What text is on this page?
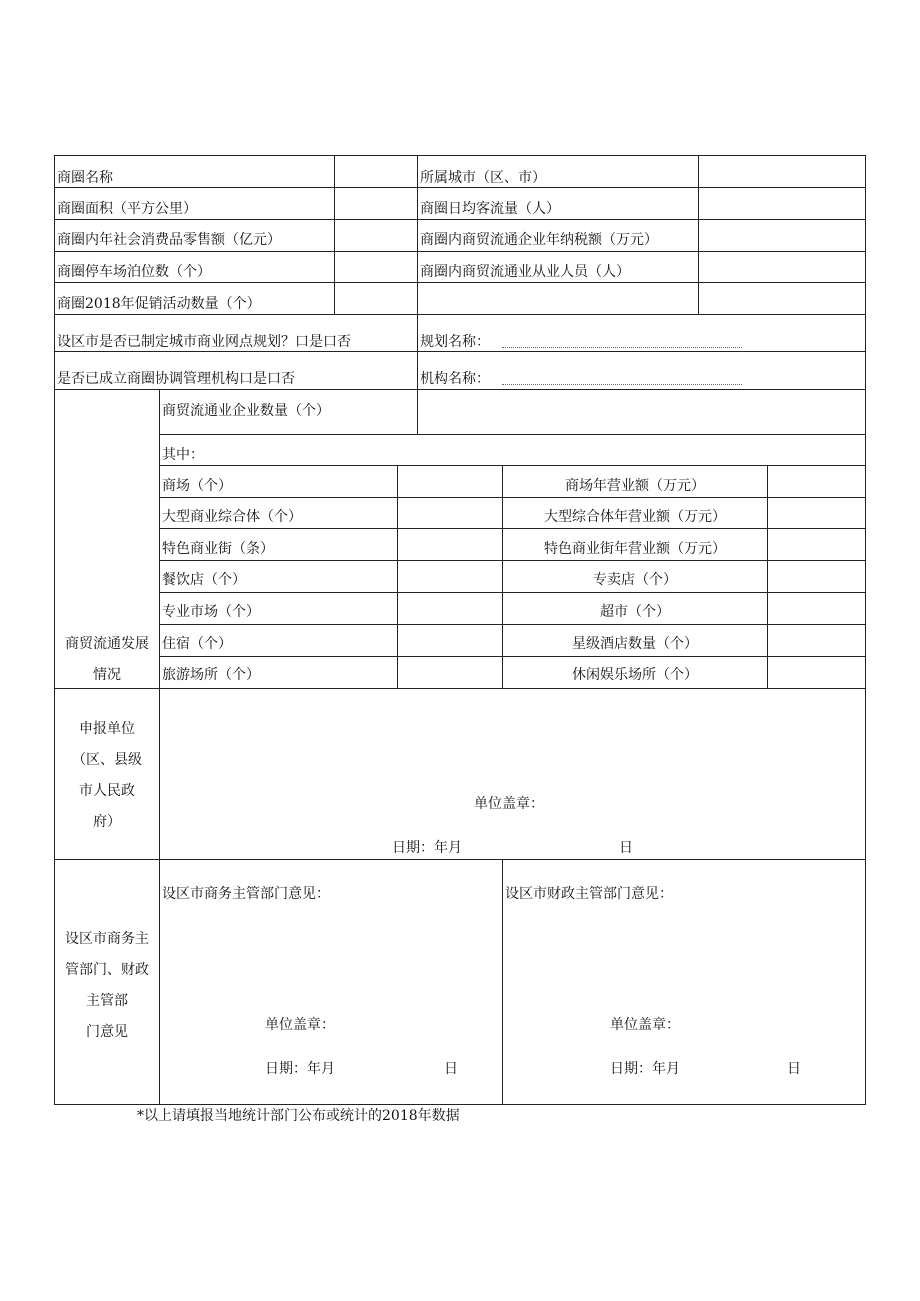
商圈名称	所属城市（区、市）
商圈面积（平方公里）	商圈日均客流量（人）
商圈内年社会消费品零售额（亿元）	商圈内商贸流通企业年纳税额（万元）
商圈停车场泊位数（个）	商圈内商贸流通业从业人员（人）
商圈2018年促销活动数量（个）
设区市是否已制定城市商业网点规划？口是口否	规划名称：
是否已成立商圈协调管理机构口是口否	机构名称：
商贸流通发展
情况
商贸流通业企业数量（个）
其中：
商场（个）	商场年营业额（万元）
大型商业综合体（个）	大型综合体年营业额（万元）
特色商业街（条）	特色商业街年营业额（万元）
餐饮店（个）	专卖店（个）
专业市场（个）	超市（个）
住宿（个）	星级酒店数量（个）
旅游场所（个）	休闲娱乐场所（个）
申报单位
（区、县级
市人民政
府）
单位盖章：
日期：年月	日
设区市商务主
管部门、财政
主管部
门意见
设区市商务主管部门意见：
单位盖章：
日期：年月	日
设区市财政主管部门意见：
单位盖章：
日期：年月	日
*以上请填报当地统计部门公布或统计的2018年数据
